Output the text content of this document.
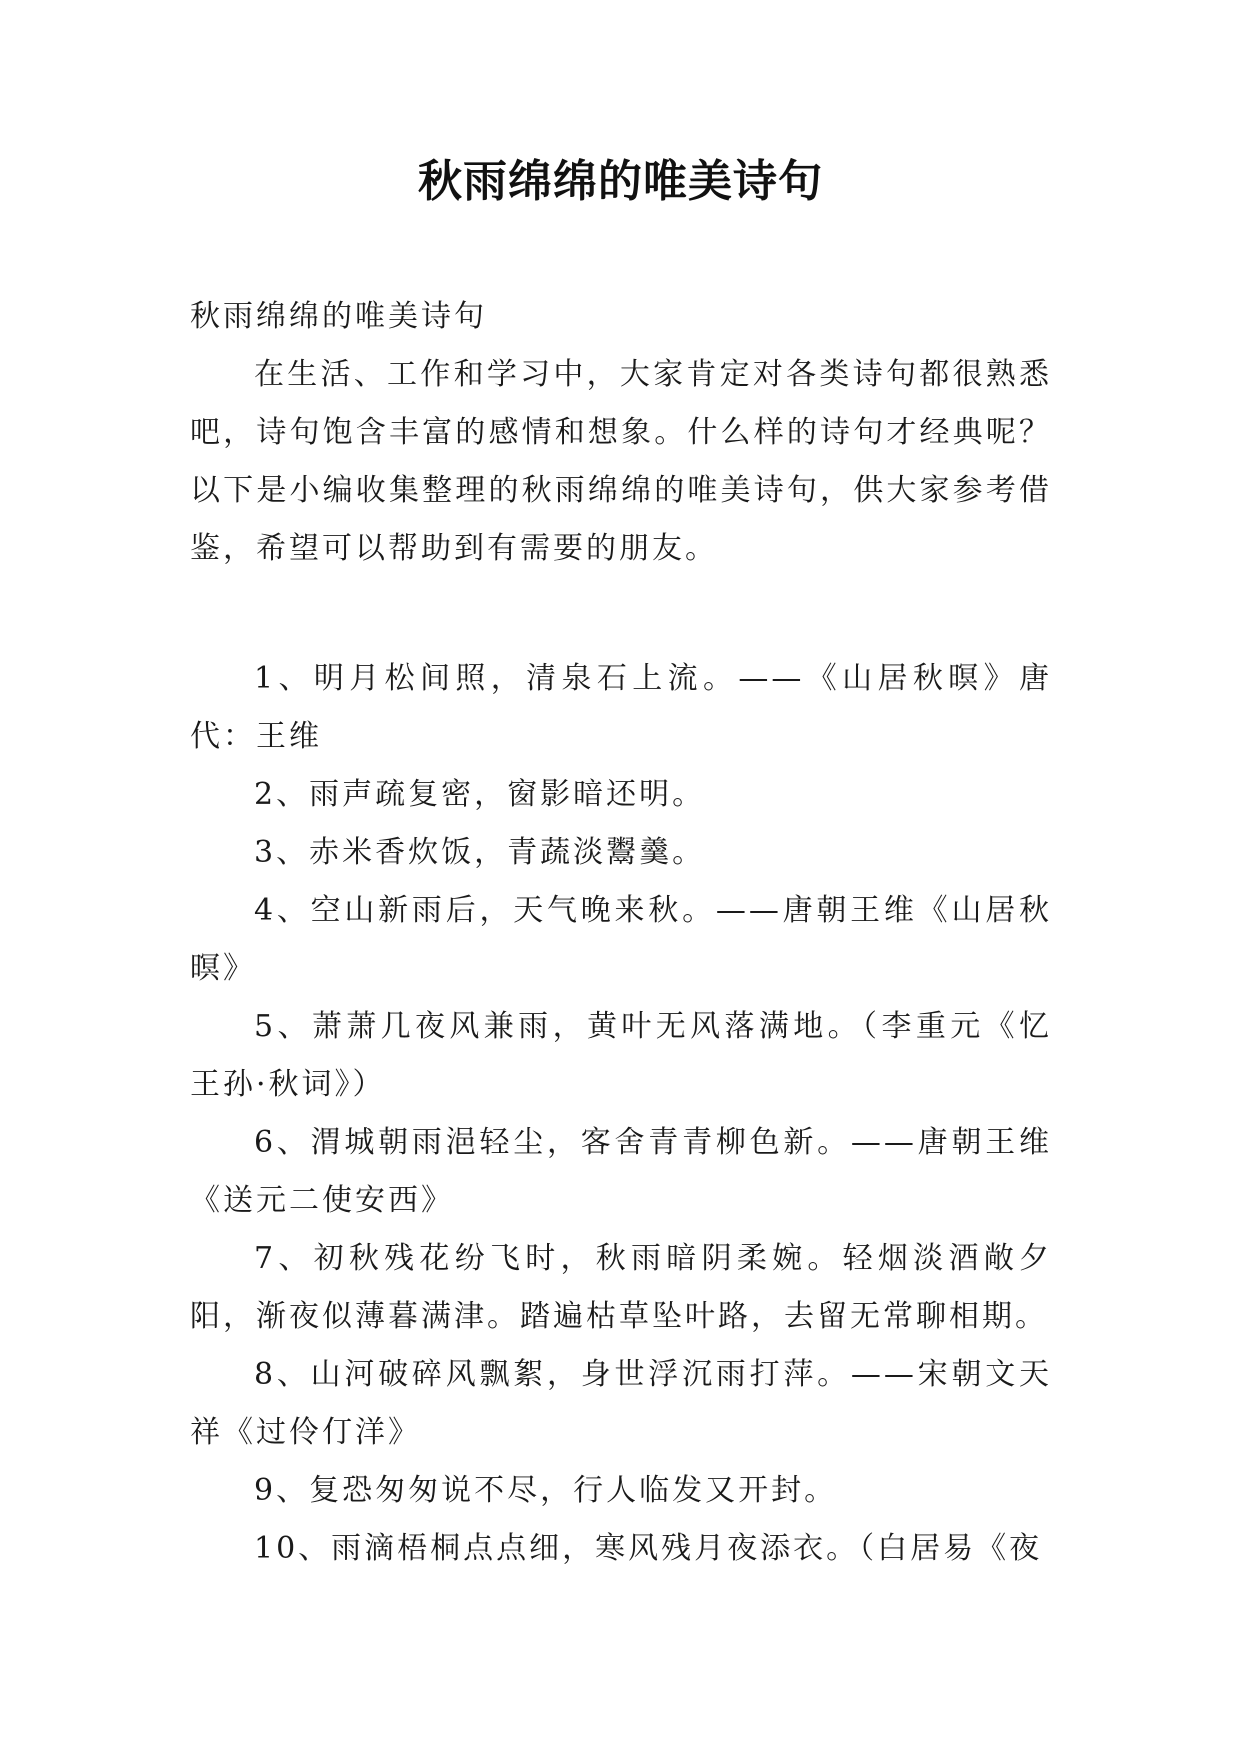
秋雨绵绵的唯美诗句

秋雨绵绵的唯美诗句

在生活、工作和学习中，大家肯定对各类诗句都很熟悉吧，诗句饱含丰富的感情和想象。什么样的诗句才经典呢？以下是小编收集整理的秋雨绵绵的唯美诗句，供大家参考借鉴，希望可以帮助到有需要的朋友。

1、明月松间照，清泉石上流。——《山居秋暝》唐代：王维

2、雨声疏复密，窗影暗还明。

3、赤米香炊饭，青蔬淡鬻羹。

4、空山新雨后，天气晚来秋。——唐朝王维《山居秋暝》

5、萧萧几夜风兼雨，黄叶无风落满地。（李重元《忆王孙·秋词》）

6、渭城朝雨浥轻尘，客舍青青柳色新。——唐朝王维《送元二使安西》

7、初秋残花纷飞时，秋雨暗阴柔婉。轻烟淡酒敞夕阳，渐夜似薄暮满津。踏遍枯草坠叶路，去留无常聊相期。

8、山河破碎风飘絮，身世浮沉雨打萍。——宋朝文天祥《过伶仃洋》

9、复恐匆匆说不尽，行人临发又开封。

10、雨滴梧桐点点细，寒风残月夜添衣。（白居易《夜
